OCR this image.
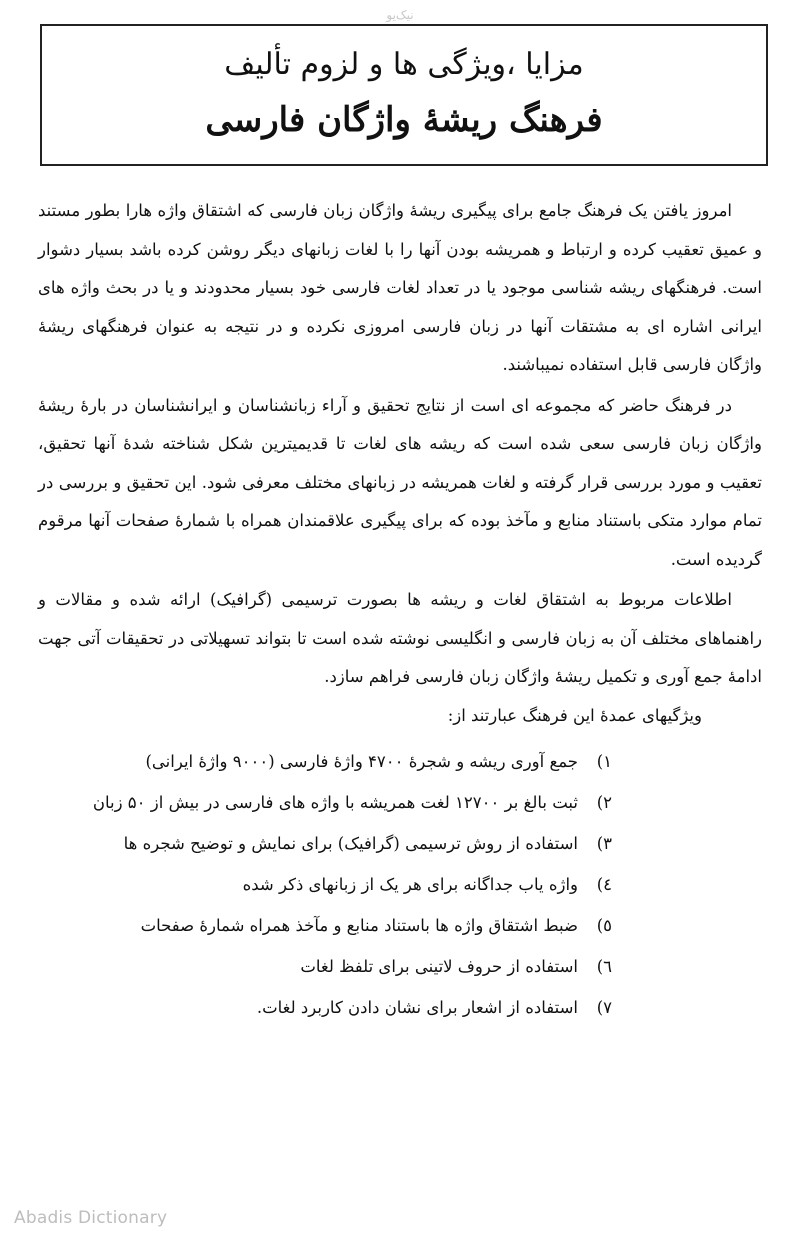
نیک‌یو
مزایا ،ویژگی ها و لزوم تألیف
فرهنگ ریشهٔ واژگان فارسی

امروز یافتن یک فرهنگ جامع برای پیگیری ریشهٔ واژگان زبان فارسی که اشتقاق واژه هارا بطور مستند و عمیق تعقیب کرده و ارتباط و همریشه بودن آنها را با لغات زبانهای دیگر روشن کرده باشد بسیار دشوار است. فرهنگهای ریشه شناسی موجود یا در تعداد لغات فارسی خود بسیار محدودند و یا در بحث واژه های ایرانی اشاره ای به مشتقات آنها در زبان فارسی امروزی نکرده و در نتیجه به عنوان فرهنگهای ریشهٔ واژگان فارسی قابل استفاده نمیباشند.

در فرهنگ حاضر که مجموعه ای است از نتایج تحقیق و آراء زبانشناسان و ایرانشناسان در بارهٔ ریشهٔ واژگان زبان فارسی سعی شده است که ریشه های لغات تا قدیمیترین شکل شناخته شدهٔ آنها تحقیق، تعقیب و مورد بررسی قرار گرفته و لغات همریشه در زبانهای مختلف معرفی شود. این تحقیق و بررسی در تمام موارد متکی باستناد منابع و مآخذ بوده که برای پیگیری علاقمندان همراه با شمارهٔ صفحات آنها مرقوم گردیده است.

اطلاعات مربوط به اشتقاق لغات و ریشه ها بصورت ترسیمی (گرافیک) ارائه شده و مقالات و راهنماهای مختلف آن به زبان فارسی و انگلیسی نوشته شده است تا بتواند تسهیلاتی در تحقیقات آتی جهت ادامهٔ جمع آوری و تکمیل ریشهٔ واژگان زبان فارسی فراهم سازد.

ویژگیهای عمدهٔ این فرهنگ عبارتند از:

۱)
جمع آوری ریشه و شجرهٔ ۴۷۰۰ واژهٔ فارسی (۹۰۰۰ واژهٔ ایرانی)
۲)
ثبت بالغ بر ۱۲۷۰۰ لغت همریشه با واژه های فارسی در بیش از ۵۰ زبان
۳)
استفاده از روش ترسیمی (گرافیک) برای نمایش و توضیح شجره ها
٤)
واژه یاب جداگانه برای هر یک از زبانهای ذکر شده
٥)
ضبط اشتقاق واژه ها باستناد منابع و مآخذ همراه شمارهٔ صفحات
٦)
استفاده از حروف لاتینی برای تلفظ لغات
٧)
استفاده از اشعار برای نشان دادن کاربرد لغات.
Abadis Dictionary
